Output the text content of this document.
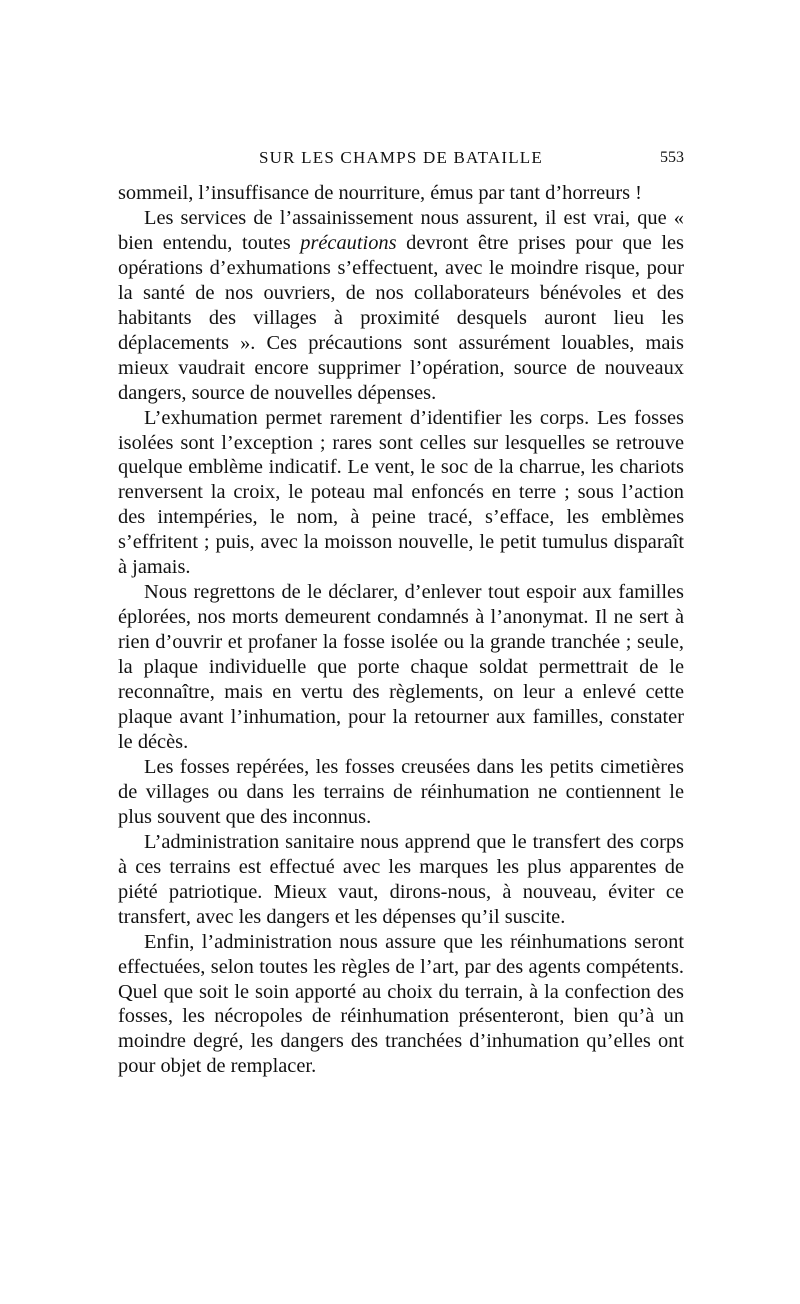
SUR LES CHAMPS DE BATAILLE	553

sommeil, l’insuffisance de nourriture, émus par tant d’horreurs !

Les services de l’assainissement nous assurent, il est vrai, que « bien entendu, toutes précautions devront être prises pour que les opérations d’exhumations s’effectuent, avec le moindre risque, pour la santé de nos ouvriers, de nos collaborateurs bénévoles et des habitants des villages à proximité desquels auront lieu les déplacements ». Ces précautions sont assurément louables, mais mieux vaudrait encore supprimer l’opération, source de nouveaux dangers, source de nouvelles dépenses.

L’exhumation permet rarement d’identifier les corps. Les fosses isolées sont l’exception ; rares sont celles sur lesquelles se retrouve quelque emblème indicatif. Le vent, le soc de la charrue, les chariots renversent la croix, le poteau mal enfoncés en terre ; sous l’action des intempéries, le nom, à peine tracé, s’efface, les emblèmes s’effritent ; puis, avec la moisson nouvelle, le petit tumulus disparaît à jamais.

Nous regrettons de le déclarer, d’enlever tout espoir aux familles éplorées, nos morts demeurent condamnés à l’anonymat. Il ne sert à rien d’ouvrir et profaner la fosse isolée ou la grande tranchée ; seule, la plaque individuelle que porte chaque soldat permettrait de le reconnaître, mais en vertu des règlements, on leur a enlevé cette plaque avant l’inhumation, pour la retourner aux familles, constater le décès.

Les fosses repérées, les fosses creusées dans les petits cimetières de villages ou dans les terrains de réinhumation ne contiennent le plus souvent que des inconnus.

L’administration sanitaire nous apprend que le transfert des corps à ces terrains est effectué avec les marques les plus apparentes de piété patriotique. Mieux vaut, dirons-nous, à nouveau, éviter ce transfert, avec les dangers et les dépenses qu’il suscite.

Enfin, l’administration nous assure que les réinhumations seront effectuées, selon toutes les règles de l’art, par des agents compétents. Quel que soit le soin apporté au choix du terrain, à la confection des fosses, les nécropoles de réinhumation présenteront, bien qu’à un moindre degré, les dangers des tranchées d’inhumation qu’elles ont pour objet de remplacer.
